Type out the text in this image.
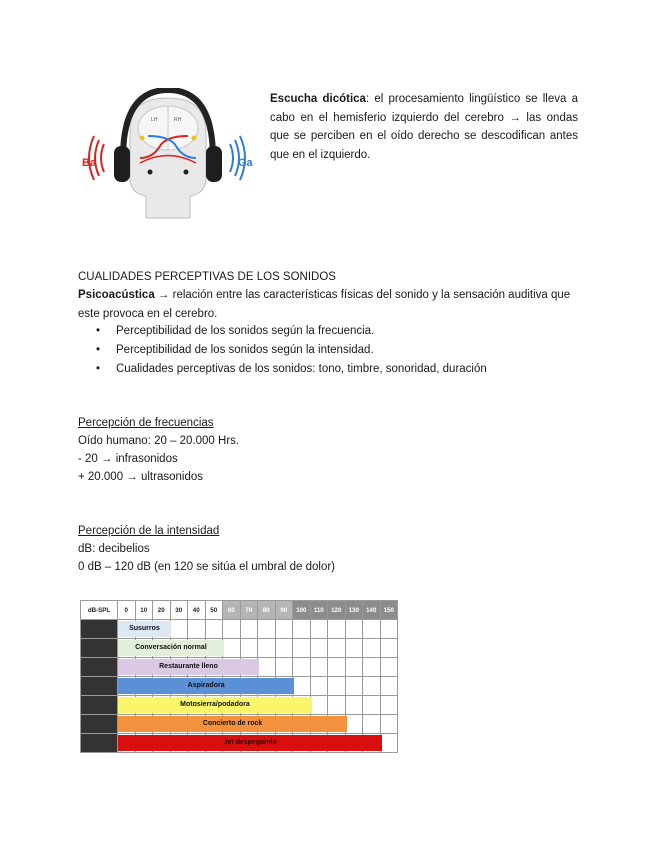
Ba	Ga
LH	RH
Escucha dicótica: el procesamiento lingüístico se lleva a cabo en el hemisferio izquierdo del cerebro → las ondas que se perciben en el oído derecho se descodifican antes que en el izquierdo.
CUALIDADES PERCEPTIVAS DE LOS SONIDOS
Psicoacústica → relación entre las características físicas del sonido y la sensación auditiva que este provoca en el cerebro.
• Perceptibilidad de los sonidos según la frecuencia.
• Perceptibilidad de los sonidos según la intensidad.
• Cualidades perceptivas de los sonidos: tono, timbre, sonoridad, duración
Percepción de frecuencias
Oído humano: 20 – 20.000 Hrs.
- 20 → infrasonidos
+ 20.000 → ultrasonidos
Percepción de la intensidad
dB: decibelios
0 dB – 120 dB (en 120 se sitúa el umbral de dolor)
dB-SPL	0	10	20	30	40	50	60	70	80	90	100	110	120	130	140	150

	Susurros															

	Conversación normal															

	Restaurante lleno															

	Aspiradora															

	Motosierra/podadora															

	Concierto de rock															

	Jet despegando															
